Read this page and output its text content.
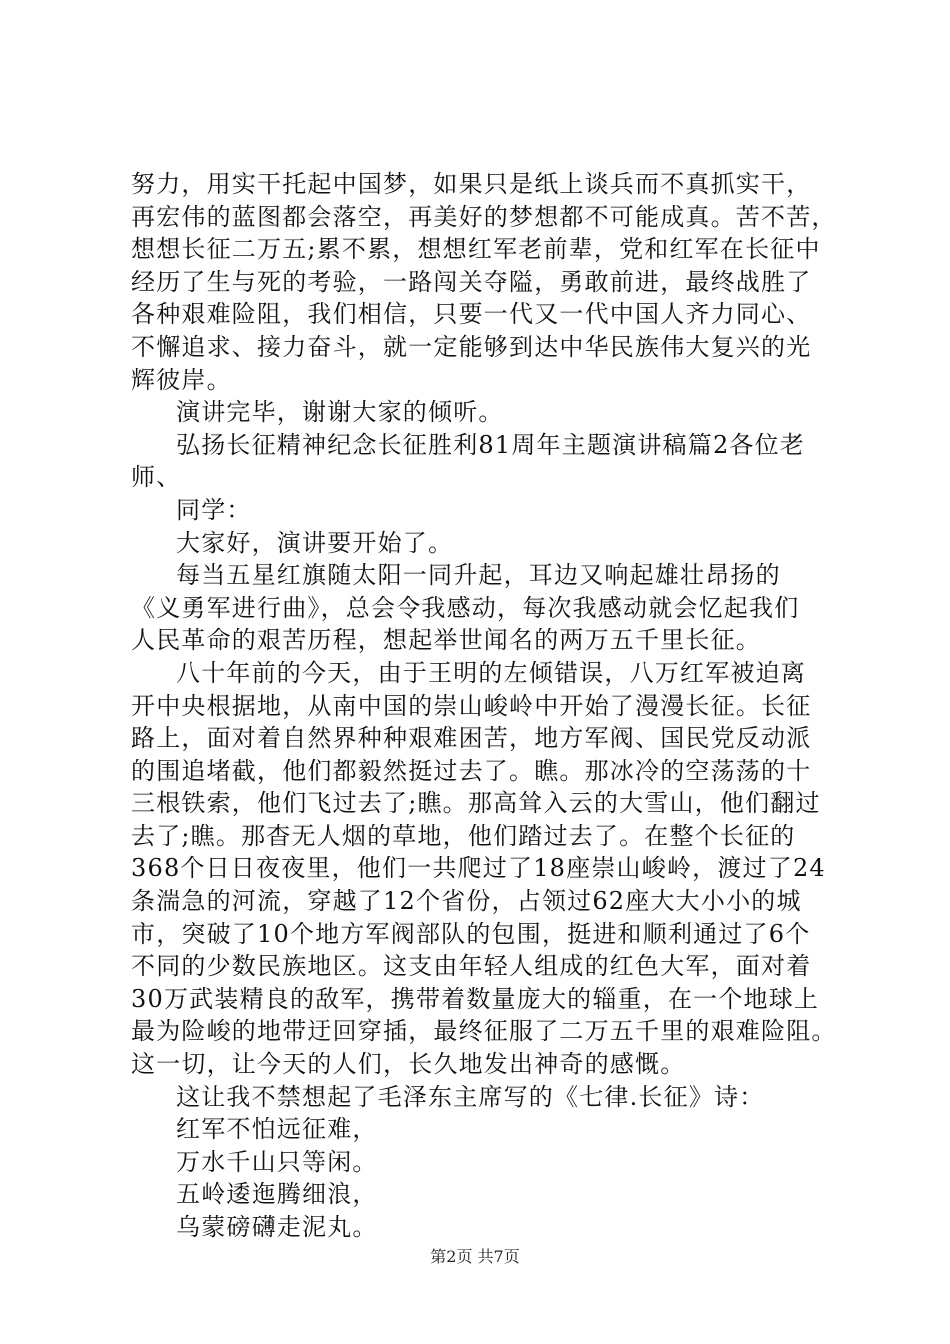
努力，用实干托起中国梦，如果只是纸上谈兵而不真抓实干，
再宏伟的蓝图都会落空，再美好的梦想都不可能成真。苦不苦，
想想长征二万五;累不累，想想红军老前辈，党和红军在长征中
经历了生与死的考验，一路闯关夺隘，勇敢前进，最终战胜了
各种艰难险阻，我们相信，只要一代又一代中国人齐力同心、
不懈追求、接力奋斗，就一定能够到达中华民族伟大复兴的光
辉彼岸。
演讲完毕，谢谢大家的倾听。
弘扬长征精神纪念长征胜利81周年主题演讲稿篇2各位老
师、
同学：
大家好，演讲要开始了。
每当五星红旗随太阳一同升起，耳边又响起雄壮昂扬的
《义勇军进行曲》，总会令我感动，每次我感动就会忆起我们
人民革命的艰苦历程，想起举世闻名的两万五千里长征。
八十年前的今天，由于王明的左倾错误，八万红军被迫离
开中央根据地，从南中国的崇山峻岭中开始了漫漫长征。长征
路上，面对着自然界种种艰难困苦，地方军阀、国民党反动派
的围追堵截，他们都毅然挺过去了。瞧。那冰冷的空荡荡的十
三根铁索，他们飞过去了;瞧。那高耸入云的大雪山，他们翻过
去了;瞧。那杳无人烟的草地，他们踏过去了。在整个长征的
368个日日夜夜里，他们一共爬过了18座崇山峻岭，渡过了24
条湍急的河流，穿越了12个省份，占领过62座大大小小的城
市，突破了10个地方军阀部队的包围，挺进和顺利通过了6个
不同的少数民族地区。这支由年轻人组成的红色大军，面对着
30万武装精良的敌军，携带着数量庞大的辎重，在一个地球上
最为险峻的地带迂回穿插，最终征服了二万五千里的艰难险阻。
这一切，让今天的人们，长久地发出神奇的感慨。
这让我不禁想起了毛泽东主席写的《七律.长征》诗：
红军不怕远征难，
万水千山只等闲。
五岭逶迤腾细浪，
乌蒙磅礴走泥丸。
第2页 共7页
